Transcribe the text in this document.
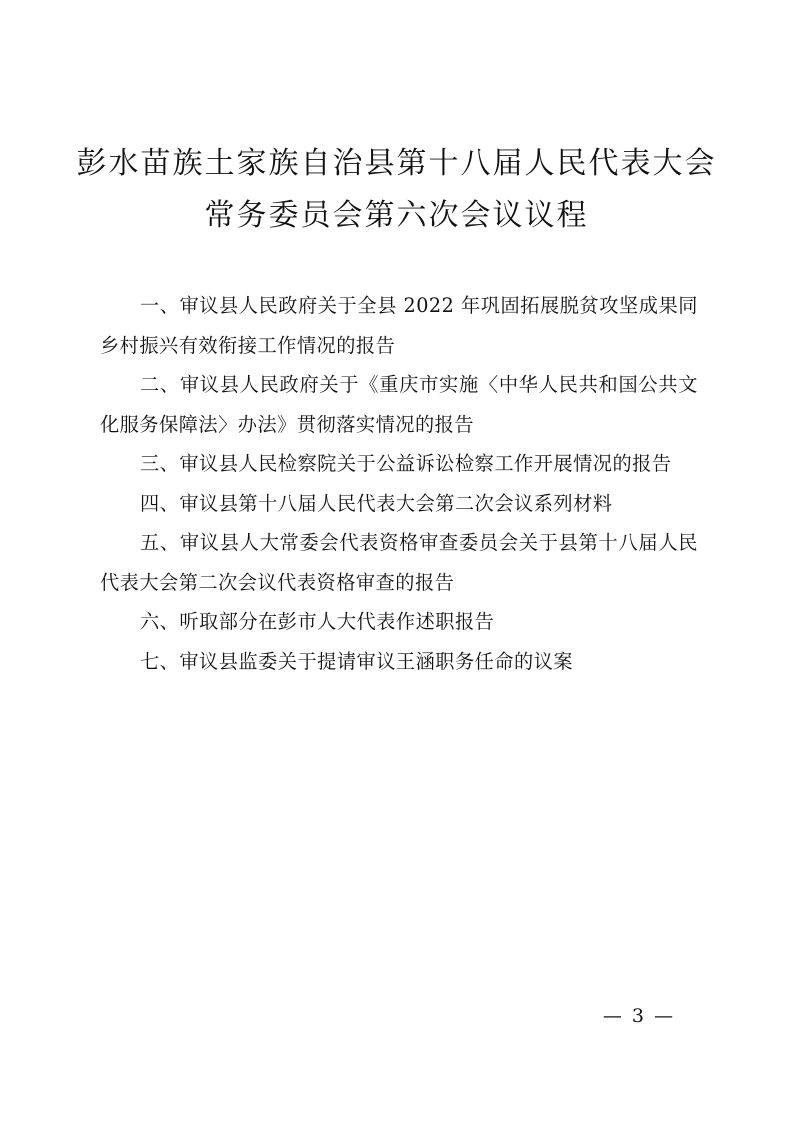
彭水苗族土家族自治县第十八届人民代表大会
常务委员会第六次会议议程
一、审议县人民政府关于全县 2022 年巩固拓展脱贫攻坚成果同乡村振兴有效衔接工作情况的报告
二、审议县人民政府关于《重庆市实施〈中华人民共和国公共文化服务保障法〉办法》贯彻落实情况的报告
三、审议县人民检察院关于公益诉讼检察工作开展情况的报告
四、审议县第十八届人民代表大会第二次会议系列材料
五、审议县人大常委会代表资格审查委员会关于县第十八届人民代表大会第二次会议代表资格审查的报告
六、听取部分在彭市人大代表作述职报告
七、审议县监委关于提请审议王涵职务任命的议案
— 3 —
